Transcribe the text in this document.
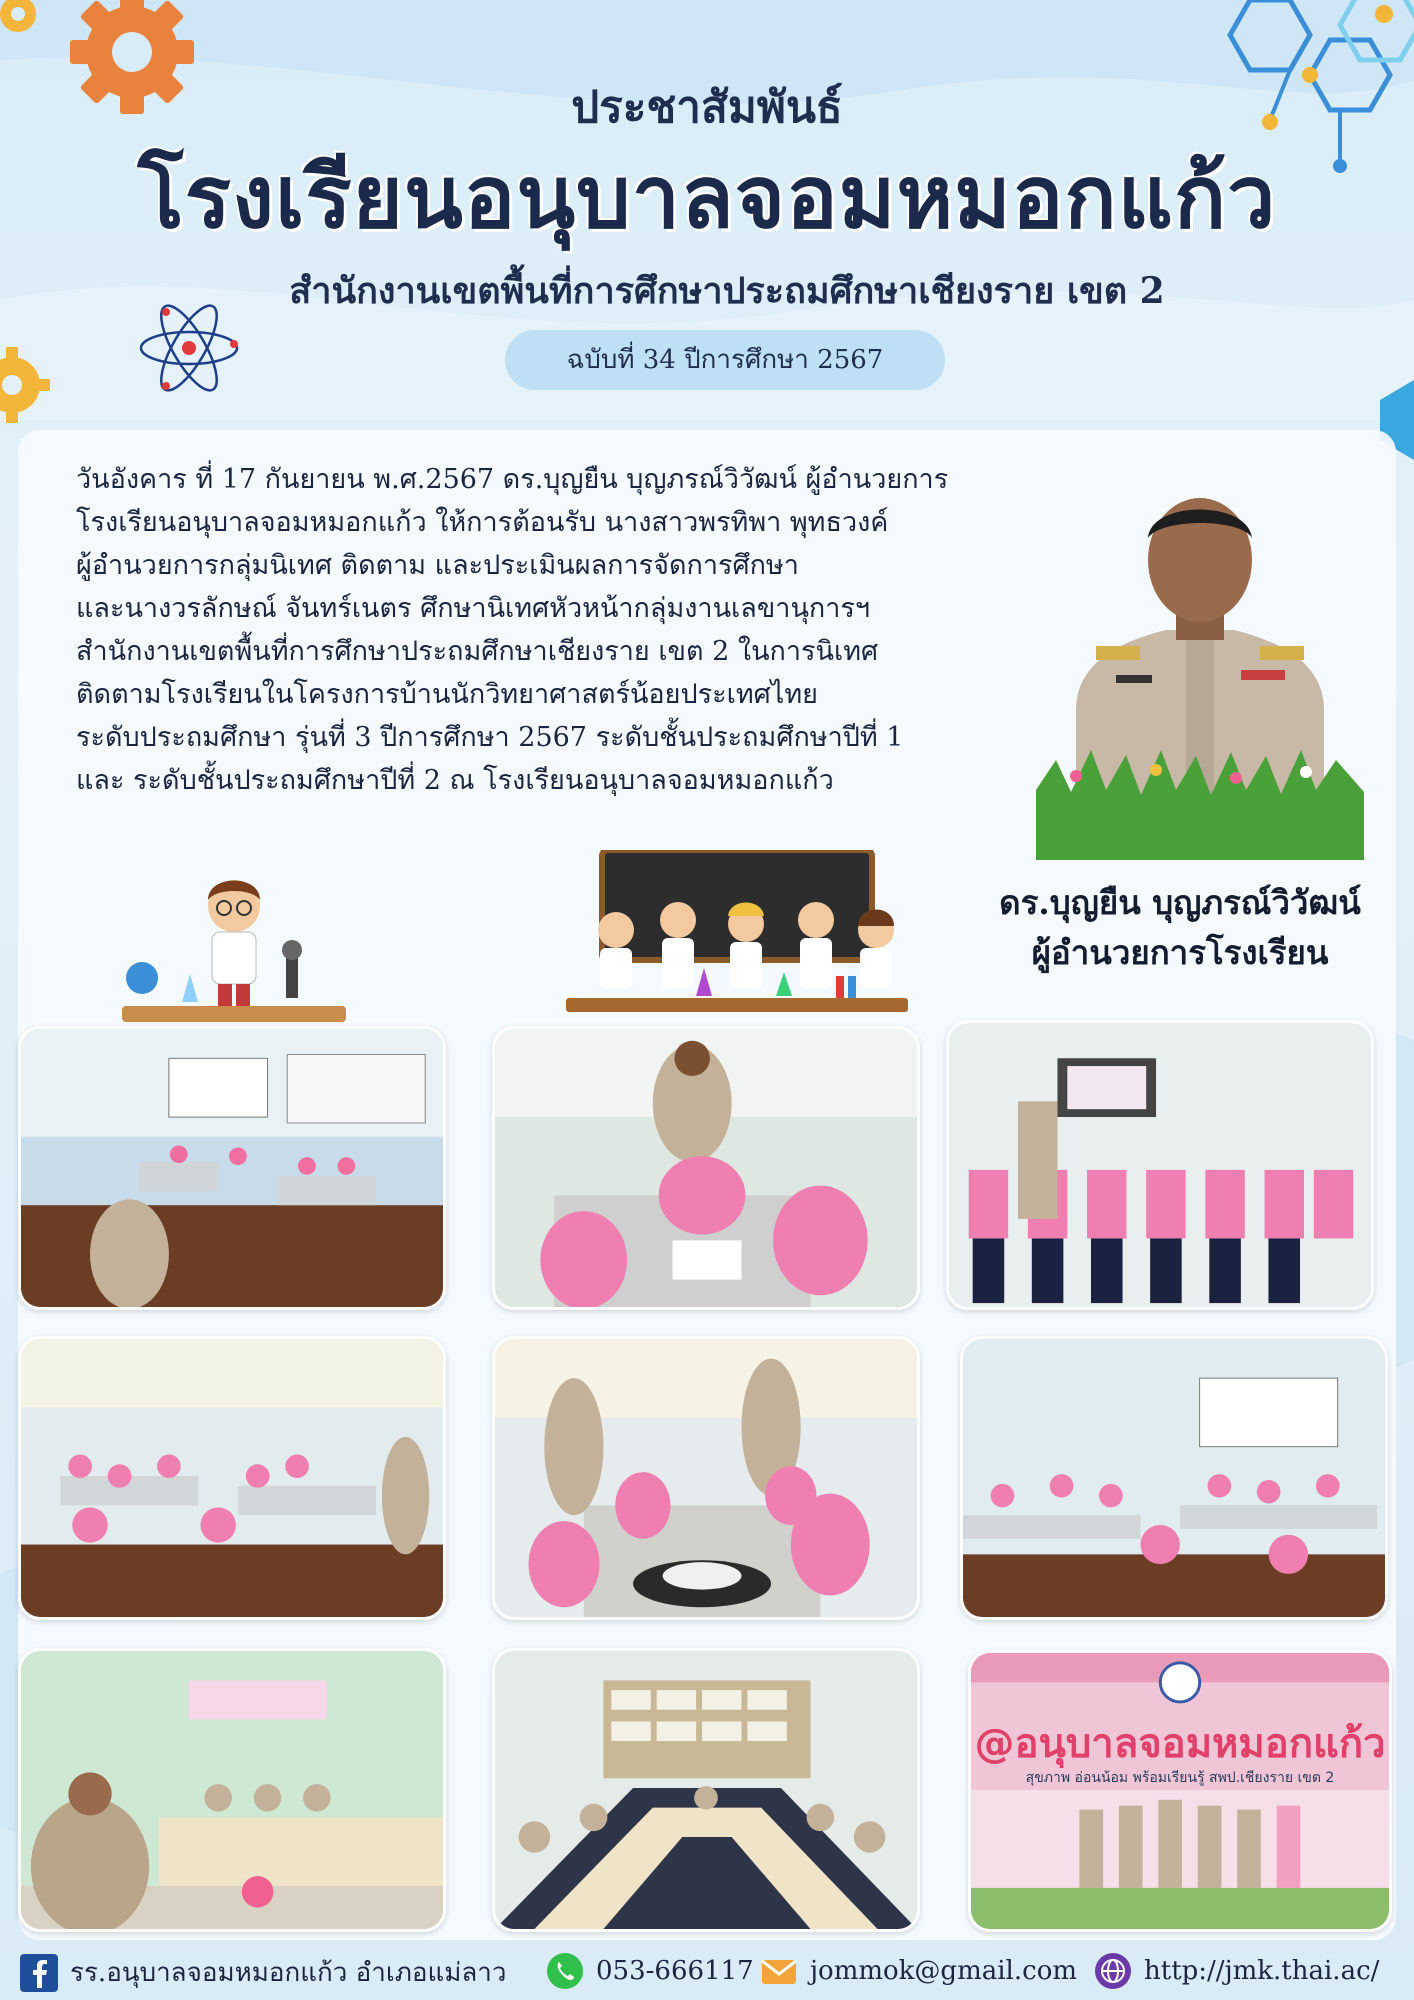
ประชาสัมพันธ์
โรงเรียนอนุบาลจอมหมอกแก้ว
สำนักงานเขตพื้นที่การศึกษาประถมศึกษาเชียงราย เขต 2
ฉบับที่ 34 ปีการศึกษา 2567
วันอังคาร ที่ 17 กันยายน พ.ศ.2567 ดร.บุญยืน บุญภรณ์วิวัฒน์ ผู้อำนวยการ
โรงเรียนอนุบาลจอมหมอกแก้ว ให้การต้อนรับ นางสาวพรทิพา พุทธวงค์
ผู้อำนวยการกลุ่มนิเทศ ติดตาม และประเมินผลการจัดการศึกษา
และนางวรลักษณ์ จันทร์เนตร ศึกษานิเทศหัวหน้ากลุ่มงานเลขานุการฯ
สำนักงานเขตพื้นที่การศึกษาประถมศึกษาเชียงราย เขต 2 ในการนิเทศ
ติดตามโรงเรียนในโครงการบ้านนักวิทยาศาสตร์น้อยประเทศไทย
ระดับประถมศึกษา รุ่นที่ 3 ปีการศึกษา 2567 ระดับชั้นประถมศึกษาปีที่ 1
และ ระดับชั้นประถมศึกษาปีที่ 2 ณ โรงเรียนอนุบาลจอมหมอกแก้ว
ดร.บุญยืน บุญภรณ์วิวัฒน์
ผู้อำนวยการโรงเรียน
@อนุบาลจอมหมอกแก้ว
สุขภาพ อ่อนน้อม พร้อมเรียนรู้ สพป.เชียงราย เขต 2
รร.อนุบาลจอมหมอกแก้ว อำเภอแม่ลาว	053-666117 jommok@gmail.com	http://jmk.thai.ac/
